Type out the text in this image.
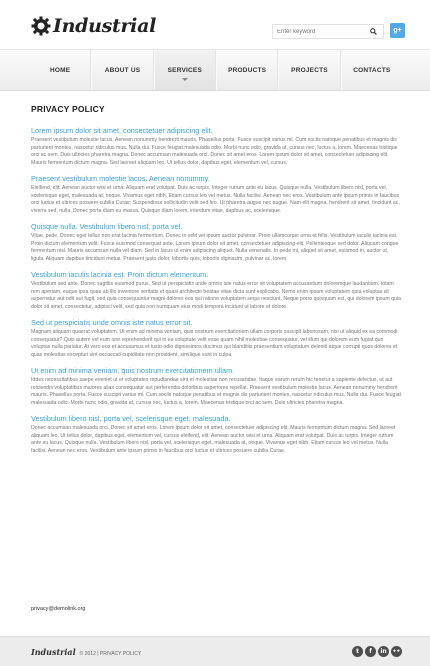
Industrial
Enter keyword	g+
HOME	ABOUT US	SERVICES	PRODUCTS	PROJECTS	CONTACTS
PRIVACY POLICY
Lorem ipsum dolor sit amet, consectetuer adipiscing elit.

Praesent vestibulum molestie lacus. Aenean nonummy hendrerit mauris. Phasellus porta. Fusce suscipit varius mi. Cum sociis natoque penatibus et magnis dis parturient montes, nascetur ridiculus mus. Nulla dui. Fusce feugiat malesuada odio. Morbi nunc odio, gravida at, cursus nec, luctus a, lorem. Maecenas tristique orci ac sem. Duis ultricies pharetra magna. Donec accumsan malesuada orci. Donec sit amet eros. Lorem ipsum dolor sit amet, consectetuer adipiscing elit. Mauris fermentum dictum magna. Sed laoreet aliquam leo. Ut tellus dolor, dapibus eget, elementum vel, cursus.

Praesent vestibulum molestie lacus. Aenean nonummy.

Eleifend, elit. Aenean auctor wisi et urna. Aliquam erat volutpat. Duis ac turpis. Integer rutrum ante eu lacus. Quisque nulla. Vestibulum libero nisl, porta vel, scelerisque eget, malesuada at, neque. Vivamus eget nibh. Etiam cursus leo vel metus. Nulla facilisi. Aenean nec eros. Vestibulum ante ipsum primis in faucibus orci luctus et ultrices posuere cubilia Curae; Suspendisse sollicitudin velit sed leo. Ut pharetra augue nec augue. Nam elit magna, hendrerit sit amet, tincidunt ac, viverra sed, nulla. Donec porta diam eu massa. Quisque diam lorem, interdum vitae, dapibus ac, scelerisque.

Quisque nulla. Vestibulum libero nisl, porta vel.

Vitae, pede. Donec eget tellus non erat lacinia fermentum. Donec in velit vel ipsum auctor pulvinar. Proin ullamcorper urna et felis. Vestibulum iaculis lacinia est. Proin dictum elementum velit. Fusce euismod consequat ante. Lorem ipsum dolor sit amet, consectetuer adipiscing elit. Pellentesque sed dolor. Aliquam congue fermentum nisl. Mauris accumsan nulla vel diam. Sed in lacus ut enim adipiscing aliquet. Nulla venenatis. In pede mi, aliquet sit amet, euismod in, auctor ut, ligula. Aliquam dapibus tincidunt metus. Praesent justo dolor, lobortis quis, lobortis dignissim, pulvinar ac, lorem.

Vestibulum iaculis lacinia est. Proin dictum elementum.

Vestibulum sed ante. Donec sagittis euismod purus. Sed ut perspiciatis unde omnis iste natus error sit voluptatem accusantium doloremque laudantium, totam rem aperiam, eaque ipsa quae ab illo inventore veritatis et quasi architecto beatae vitae dicta sunt explicabo. Nemo enim ipsam voluptatem quia voluptas sit aspernatur aut odit aut fugit, sed quia consequuntur magni dolores eos qui ratione voluptatem sequi nesciunt. Neque porro quisquam est, qui dolorem ipsum quia dolor sit amet, consectetur, adipisci velit, sed quia non numquam eius modi tempora incidunt ut labore et dolore.

Sed ut perspiciatis unde omnis iste natus error sit.

Magnam aliquam quaerat voluptatem. Ut enim ad minima veniam, quis nostrum exercitationem ullam corporis suscipit laboriosam, nisi ut aliquid ex ea commodi consequatur? Quis autem vel eum iure reprehenderit qui in ea voluptate velit esse quam nihil molestiae consequatur, vel illum qui dolorem eum fugiat quo voluptas nulla pariatur. At vero eos et accusamus et iusto odio dignissimos ducimus qui blanditiis praesentium voluptatum deleniti atque corrupti quos dolores et quas molestias excepturi sint occaecati cupiditate non provident, similique sunt in culpa.

Ut enim ad minima veniam, quis nostrum exercitationem ullam.

Iddes necessitatibus saepe eveniet ut et voluptates repudiandae sint et molestiae non recusandae. Itaque earum rerum hic tenetur a sapiente delectus, ut aut reiciendis voluptatibus maiores alias consequatur aut perferendis doloribus asperiores repellat. Praesent vestibulum molestie lacus. Aenean nonummy hendrerit mauris. Phasellus porta. Fusce suscipit varius mi. Cum sociis natoque penatibus et magnis dis parturient montes, nascetur ridiculus mus. Nulla dui. Fusce feugiat malesuada odio. Morbi nunc odio, gravida at, cursus nec, luctus a, lorem. Maecenas tristique orci ac sem. Duis ultricies pharetra magna.

Vestibulum libero nisl, porta vel, scelerisque eget, malesuada.

Donec accumsan malesuada orci. Donec sit amet eros. Lorem ipsum dolor sit amet, consectetuer adipiscing elit. Mauris fermentum dictum magna. Sed laoreet aliquam leo. Ut tellus dolor, dapibus eget, elementum vel, cursus eleifend, elit. Aenean auctor wisi et urna. Aliquam erat volutpat. Duis ac turpis. Integer rutrum ante eu lacus. Quisque nulla. Vestibulum libero nisl, porta vel, scelerisque eget, malesuada at, neque. Vivamus eget nibh. Etiam cursus leo vel metus. Nulla facilisi. Aenean nec eros. Vestibulum ante ipsum primis in faucibus orci luctus et ultrices posuere cubilia Curae.

privacy@demolink.org
Industrial © 2012 | PRIVACY POLICY	t	f	in	••
